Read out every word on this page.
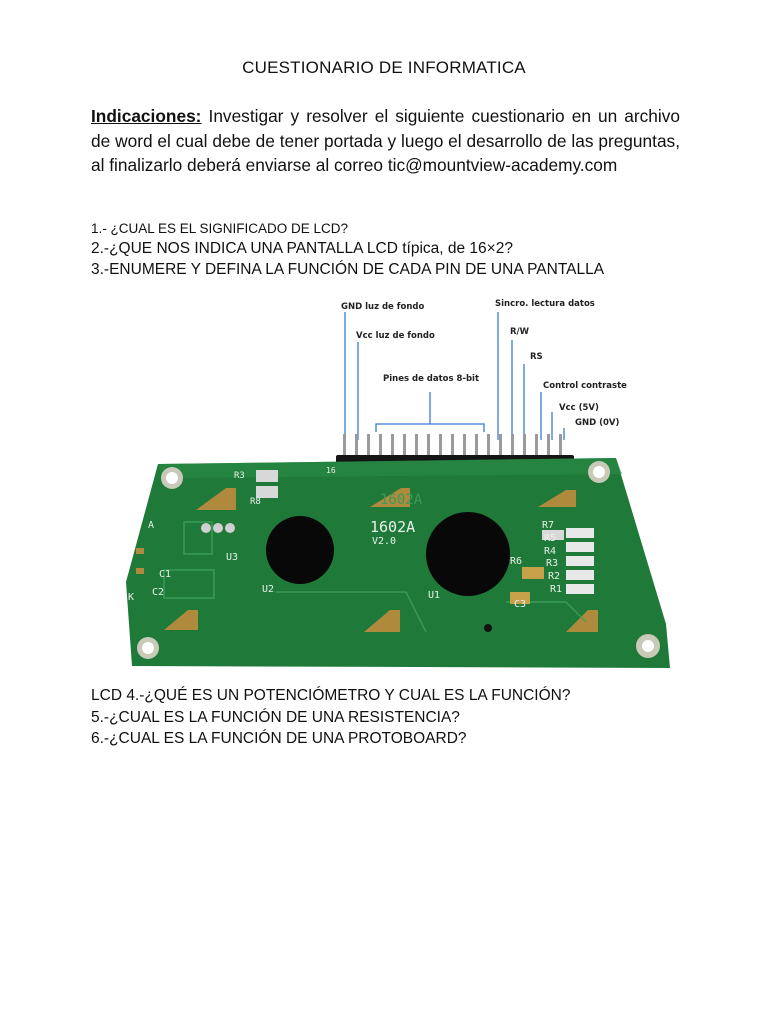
CUESTIONARIO DE INFORMATICA
Indicaciones: Investigar y resolver el siguiente cuestionario en un archivo de word el cual debe de tener portada y luego el desarrollo de las preguntas, al finalizarlo deberá enviarse al correo tic@mountview-academy.com
1.- ¿CUAL ES EL SIGNIFICADO DE LCD?
2.-¿QUE NOS INDICA UNA PANTALLA LCD típica, de 16×2?
3.-ENUMERE Y DEFINA LA FUNCIÓN DE CADA PIN DE UNA PANTALLA
GND luz de fondo
Vcc luz de fondo
Pines de datos 8-bit
Sincro. lectura datos
R/W
RS
Control contraste
Vcc (5V)
GND (0V)
1602A
V2.0
1602A
R3
R8
16
U3
U2
U1
C1
C2
C3
R6
R7
R5
R4
R3
R2
R1
A
K
LCD 4.-¿QUÉ ES UN POTENCIÓMETRO Y CUAL ES LA FUNCIÓN?
5.-¿CUAL ES LA FUNCIÓN DE UNA RESISTENCIA?
6.-¿CUAL ES LA FUNCIÓN DE UNA PROTOBOARD?
